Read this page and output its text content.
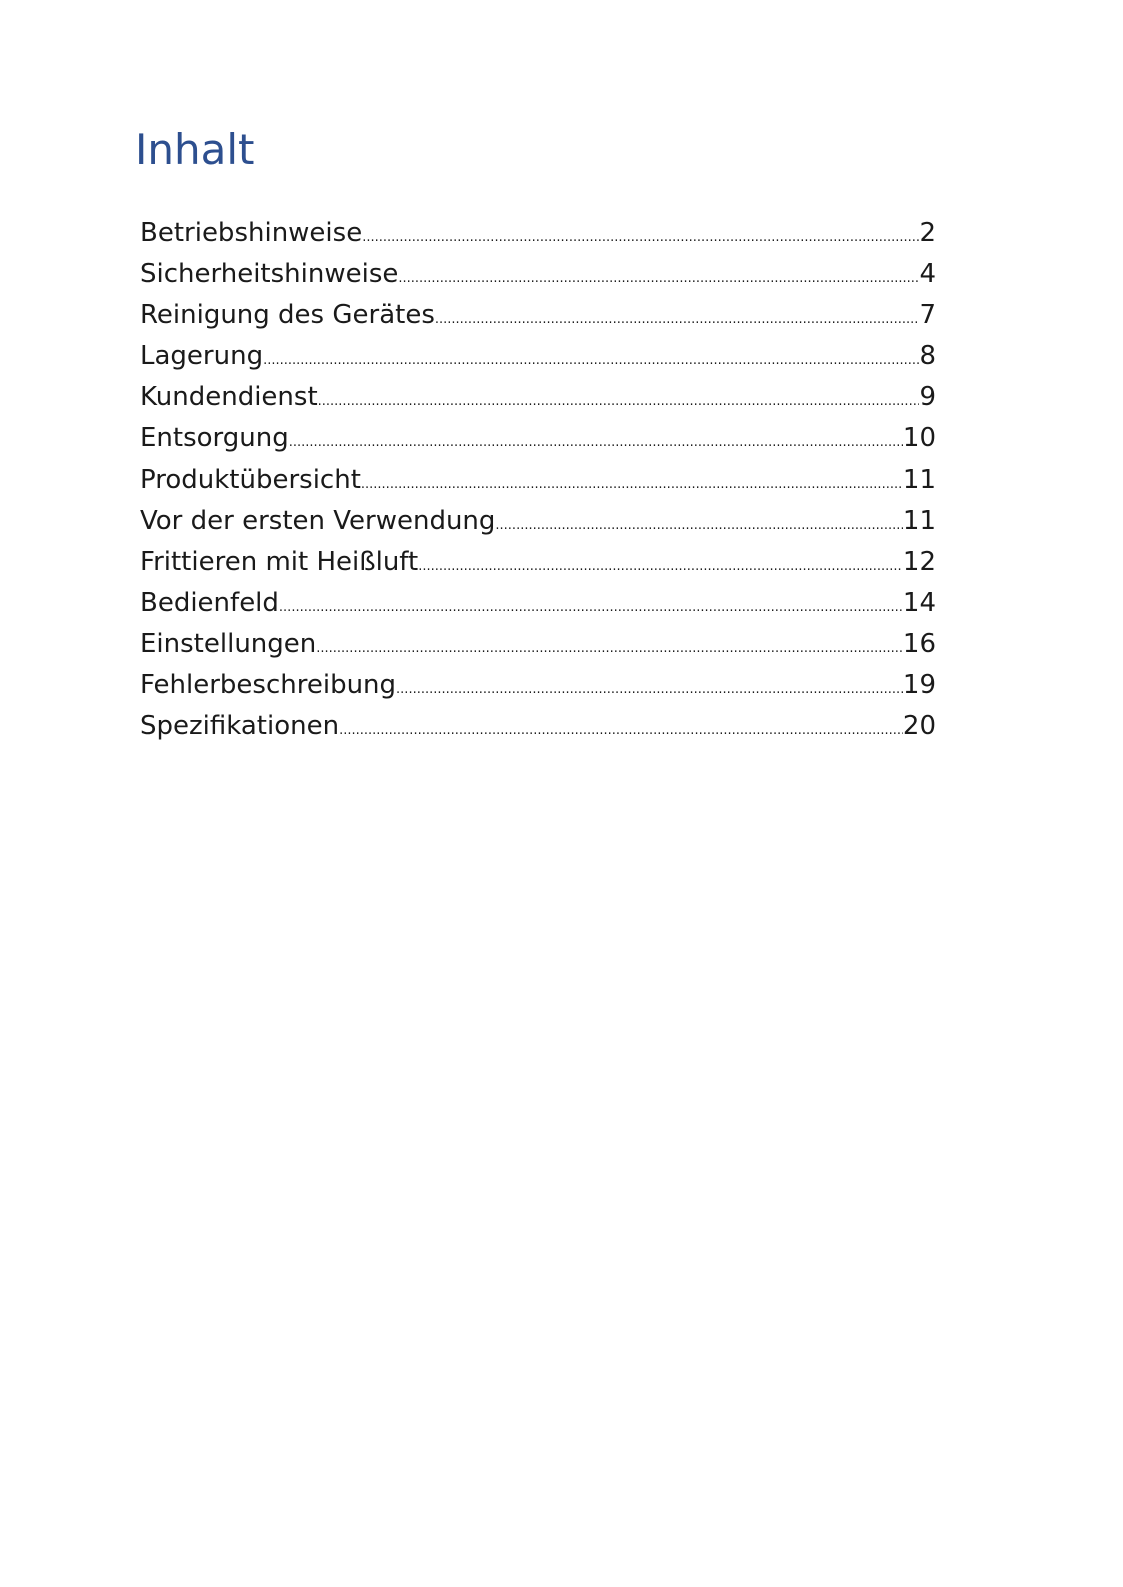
Inhalt
Betriebshinweise .....	2
Sicherheitshinweise .....	4
Reinigung des Gerätes .....	7
Lagerung .....	8
Kundendienst .....	9
Entsorgung .....	10
Produktübersicht .....	11
Vor der ersten Verwendung .....	11
Frittieren mit Heißluft .....	12
Bedienfeld .....	14
Einstellungen .....	16
Fehlerbeschreibung .....	19
Spezifikationen .....	20
